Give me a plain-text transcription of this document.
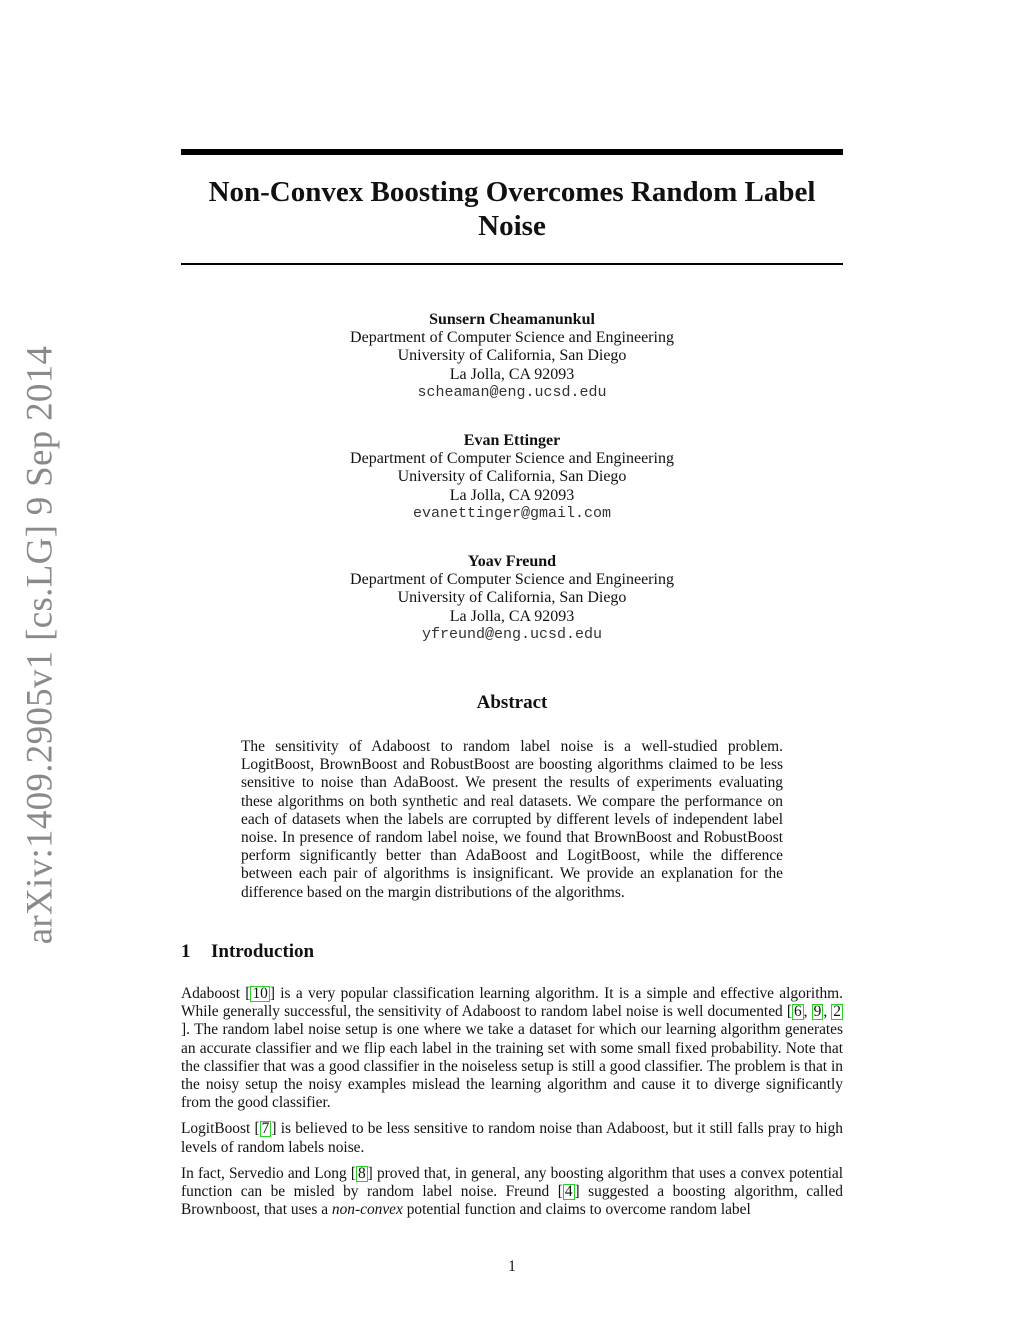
arXiv:1409.2905v1 [cs.LG] 9 Sep 2014
Non-Convex Boosting Overcomes Random Label Noise
Sunsern Cheamanunkul
Department of Computer Science and Engineering
University of California, San Diego
La Jolla, CA 92093
scheaman@eng.ucsd.edu
Evan Ettinger
Department of Computer Science and Engineering
University of California, San Diego
La Jolla, CA 92093
evanettinger@gmail.com
Yoav Freund
Department of Computer Science and Engineering
University of California, San Diego
La Jolla, CA 92093
yfreund@eng.ucsd.edu
Abstract

The sensitivity of Adaboost to random label noise is a well-studied problem. LogitBoost, BrownBoost and RobustBoost are boosting algorithms claimed to be less sensitive to noise than AdaBoost. We present the results of experiments evaluating these algorithms on both synthetic and real datasets. We compare the performance on each of datasets when the labels are corrupted by different levels of independent label noise. In presence of random label noise, we found that BrownBoost and RobustBoost perform significantly better than AdaBoost and LogitBoost, while the difference between each pair of algorithms is insignificant. We provide an explanation for the difference based on the margin distributions of the algorithms.

1 Introduction

Adaboost [ 10 ] is a very popular classification learning algorithm. It is a simple and effective algorithm. While generally successful, the sensitivity of Adaboost to random label noise is well documented [ 6 , 9 , 2]. The random label noise setup is one where we take a dataset for which our learning algorithm generates an accurate classifier and we flip each label in the training set with some small fixed probability. Note that the classifier that was a good classifier in the noiseless setup is still a good classifier. The problem is that in the noisy setup the noisy examples mislead the learning algorithm and cause it to diverge significantly from the good classifier.

LogitBoost [ 7 ] is believed to be less sensitive to random noise than Adaboost, but it still falls pray to high levels of random labels noise.

In fact, Servedio and Long [ 8 ] proved that, in general, any boosting algorithm that uses a convex potential function can be misled by random label noise. Freund [ 4 ] suggested a boosting algorithm, called Brownboost, that uses a non-convex potential function and claims to overcome random label

1
